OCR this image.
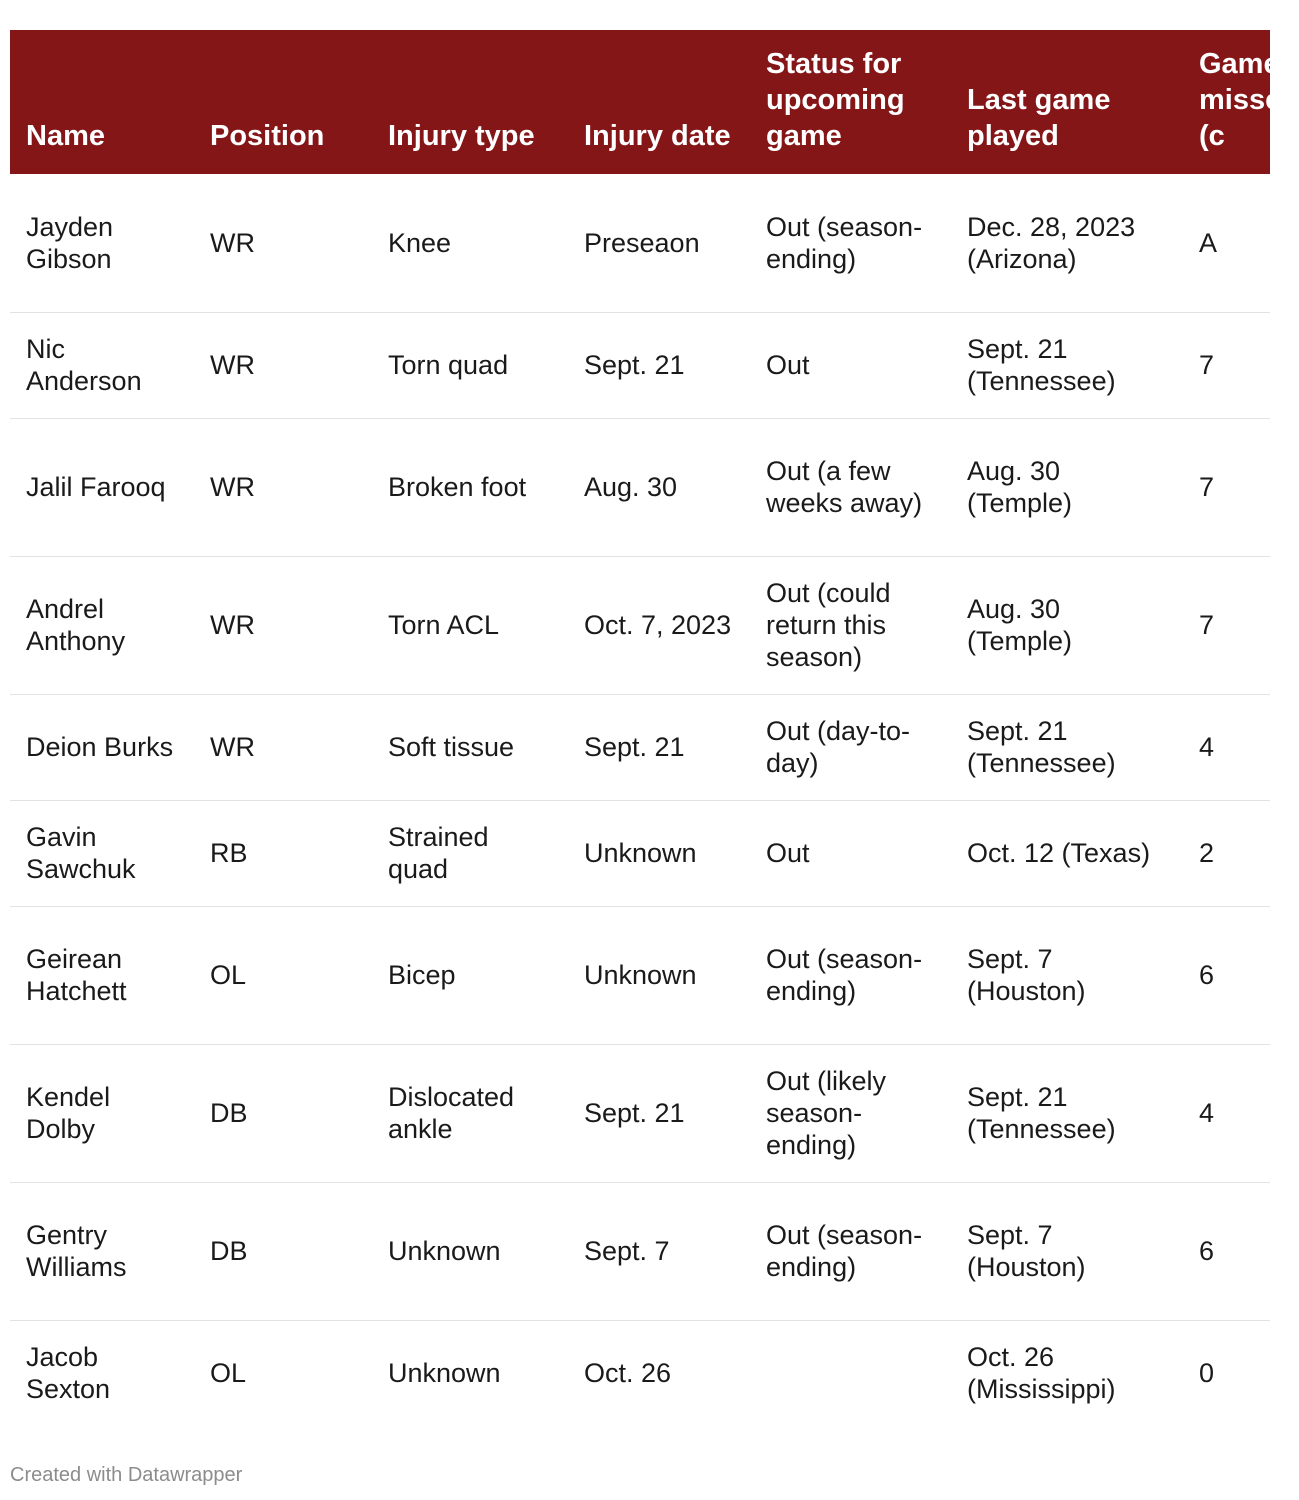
Name	Position	Injury type	Injury date	Status for upcoming game	Last game played	Games missed (c
Jayden Gibson	WR	Knee	Preseaon	Out (season-ending)	Dec. 28, 2023 (Arizona)	A
Nic Anderson	WR	Torn quad	Sept. 21	Out	Sept. 21 (Tennessee)	7
Jalil Farooq	WR	Broken foot	Aug. 30	Out (a few weeks away)	Aug. 30 (Temple)	7
Andrel Anthony	WR	Torn ACL	Oct. 7, 2023	Out (could return this season)	Aug. 30 (Temple)	7
Deion Burks	WR	Soft tissue	Sept. 21	Out (day-to-day)	Sept. 21 (Tennessee)	4
Gavin Sawchuk	RB	Strained quad	Unknown	Out	Oct. 12 (Texas)	2
Geirean Hatchett	OL	Bicep	Unknown	Out (season-ending)	Sept. 7 (Houston)	6
Kendel Dolby	DB	Dislocated ankle	Sept. 21	Out (likely season-ending)	Sept. 21 (Tennessee)	4
Gentry Williams	DB	Unknown	Sept. 7	Out (season-ending)	Sept. 7 (Houston)	6
Jacob Sexton	OL	Unknown	Oct. 26		Oct. 26 (Mississippi)	0
Created with Datawrapper
